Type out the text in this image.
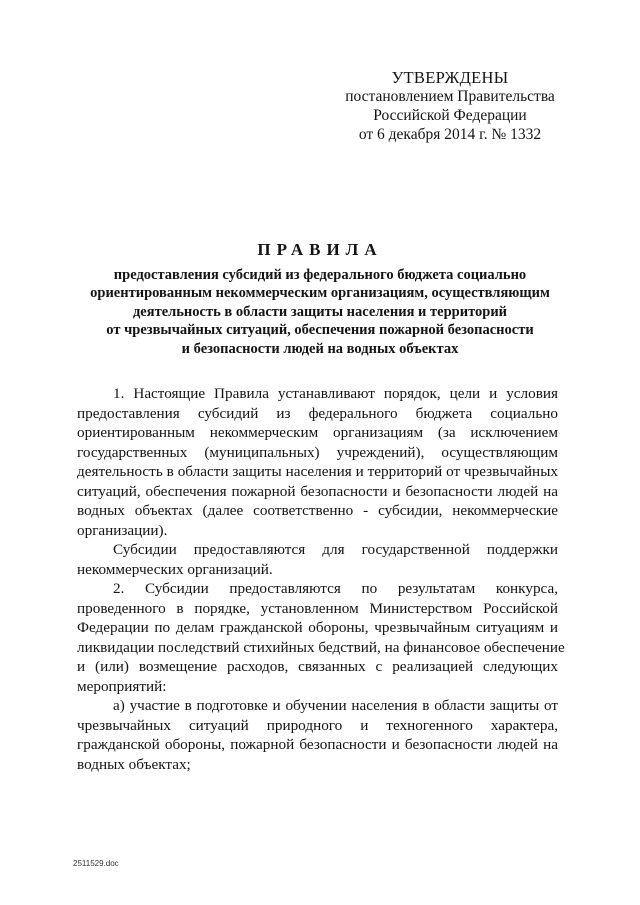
УТВЕРЖДЕНЫ
постановлением Правительства
Российской Федерации
от 6 декабря 2014 г. № 1332
ПРАВИЛА
предоставления субсидий из федерального бюджета социально
ориентированным некоммерческим организациям, осуществляющим
деятельность в области защиты населения и территорий
от чрезвычайных ситуаций, обеспечения пожарной безопасности
и безопасности людей на водных объектах
1. Настоящие Правила устанавливают порядок, цели и условия
предоставления субсидий из федерального бюджета социально
ориентированным некоммерческим организациям (за исключением
государственных (муниципальных) учреждений), осуществляющим
деятельность в области защиты населения и территорий от чрезвычайных
ситуаций, обеспечения пожарной безопасности и безопасности людей на
водных объектах (далее соответственно - субсидии, некоммерческие
организации).
Субсидии предоставляются для государственной поддержки
некоммерческих организаций.
2. Субсидии предоставляются по результатам конкурса,
проведенного в порядке, установленном Министерством Российской
Федерации по делам гражданской обороны, чрезвычайным ситуациям и
ликвидации последствий стихийных бедствий, на финансовое обеспечение
и (или) возмещение расходов, связанных с реализацией следующих
мероприятий:
а) участие в подготовке и обучении населения в области защиты от
чрезвычайных ситуаций природного и техногенного характера,
гражданской обороны, пожарной безопасности и безопасности людей на
водных объектах;
2511529.doc
